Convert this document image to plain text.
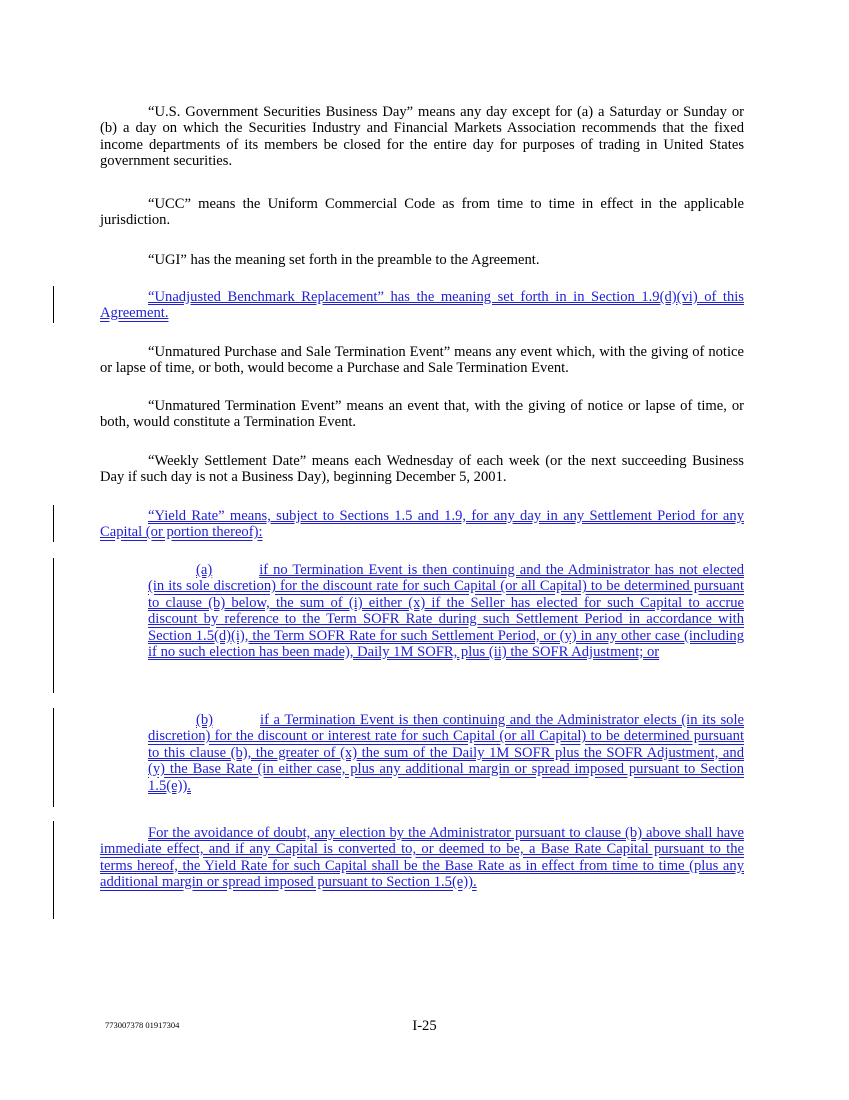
“U.S. Government Securities Business Day” means any day except for (a) a Saturday or Sunday or (b) a day on which the Securities Industry and Financial Markets Association recommends that the fixed income departments of its members be closed for the entire day for purposes of trading in United States government securities.

“UCC” means the Uniform Commercial Code as from time to time in effect in the applicable jurisdiction.

“UGI” has the meaning set forth in the preamble to the Agreement.

“Unadjusted Benchmark Replacement” has the meaning set forth in in Section 1.9(d)(vi) of this Agreement.

“Unmatured Purchase and Sale Termination Event” means any event which, with the giving of notice or lapse of time, or both, would become a Purchase and Sale Termination Event.

“Unmatured Termination Event” means an event that, with the giving of notice or lapse of time, or both, would constitute a Termination Event.

“Weekly Settlement Date” means each Wednesday of each week (or the next succeeding Business Day if such day is not a Business Day), beginning December 5, 2001.

“Yield Rate” means, subject to Sections 1.5 and 1.9, for any day in any Settlement Period for any Capital (or portion thereof):

(a)	if no Termination Event is then continuing and the Administrator has not elected (in its sole discretion) for the discount rate for such Capital (or all Capital) to be determined pursuant to clause (b) below, the sum of (i) either (x) if the Seller has elected for such Capital to accrue discount by reference to the Term SOFR Rate during such Settlement Period in accordance with Section 1.5(d)(i), the Term SOFR Rate for such Settlement Period, or (y) in any other case (including if no such election has been made), Daily 1M SOFR, plus (ii) the SOFR Adjustment; or

(b)	if a Termination Event is then continuing and the Administrator elects (in its sole discretion) for the discount or interest rate for such Capital (or all Capital) to be determined pursuant to this clause (b), the greater of (x) the sum of the Daily 1M SOFR plus the SOFR Adjustment, and (y) the Base Rate (in either case, plus any additional margin or spread imposed pursuant to Section 1.5(e)).

For the avoidance of doubt, any election by the Administrator pursuant to clause (b) above shall have immediate effect, and if any Capital is converted to, or deemed to be, a Base Rate Capital pursuant to the terms hereof, the Yield Rate for such Capital shall be the Base Rate as in effect from time to time (plus any additional margin or spread imposed pursuant to Section 1.5(e)).

773007378 01917304	I-25
